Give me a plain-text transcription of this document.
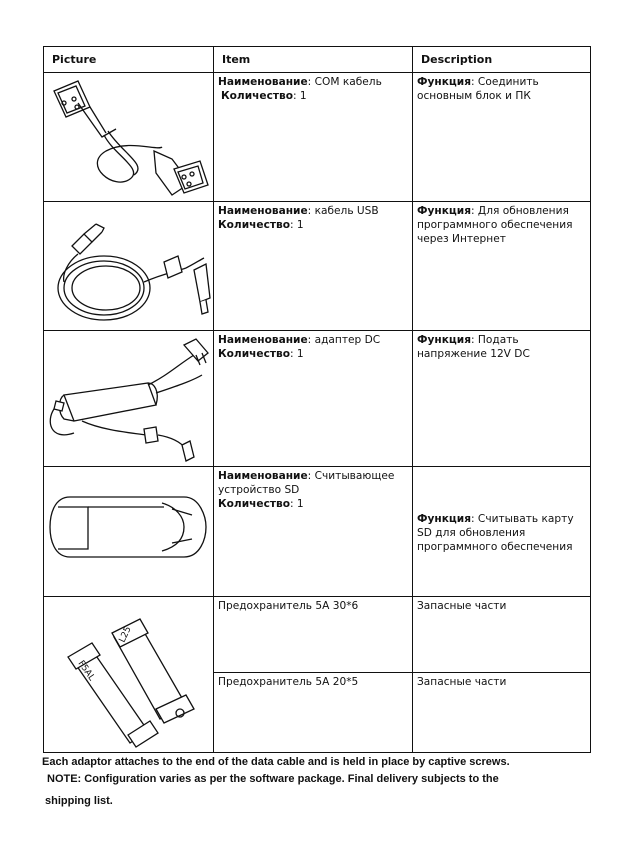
Picture	Item	Description

Наименование: COM кабель
Количество: 1	Функция: Соединить основным блок и ПК

Наименование: кабель USB
Количество: 1	Функция: Для обновления программного обеспечения через Интернет

Наименование: адаптер DC
Количество: 1	Функция: Подать напряжение 12V DC

Наименование: Считывающее устройство SD
Количество: 1	Функция: Считывать карту SD для обновления программного обеспечения

F5AL
L25	Предохранитель 5A 30*6	Запасные части

	Предохранитель 5A 20*5	Запасные части
Each adaptor attaches to the end of the data cable and is held in place by captive screws.
NOTE: Configuration varies as per the software package. Final delivery subjects to the
shipping list.
